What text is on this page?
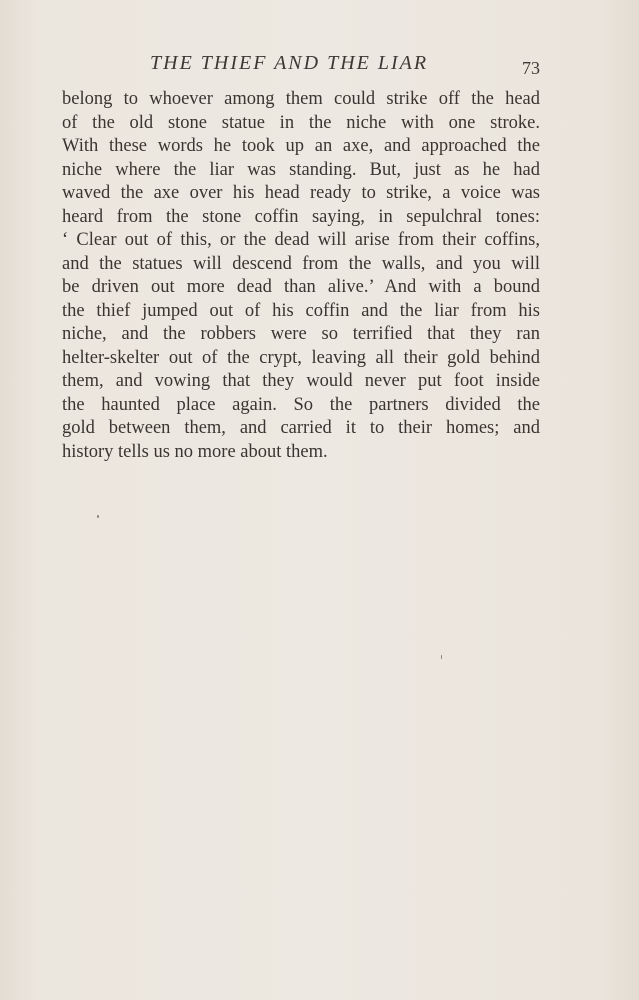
THE THIEF AND THE LIAR	73
belong to whoever among them could strike off the head
of the old stone statue in the niche with one stroke.
With these words he took up an axe, and approached the
niche where the liar was standing. But, just as he had
waved the axe over his head ready to strike, a voice was
heard from the stone coffin saying, in sepulchral tones:
‘ Clear out of this, or the dead will arise from their coffins,
and the statues will descend from the walls, and you will
be driven out more dead than alive.’ And with a bound
the thief jumped out of his coffin and the liar from his
niche, and the robbers were so terrified that they ran
helter-skelter out of the crypt, leaving all their gold behind
them, and vowing that they would never put foot inside
the haunted place again. So the partners divided the
gold between them, and carried it to their homes; and
history tells us no more about them.
